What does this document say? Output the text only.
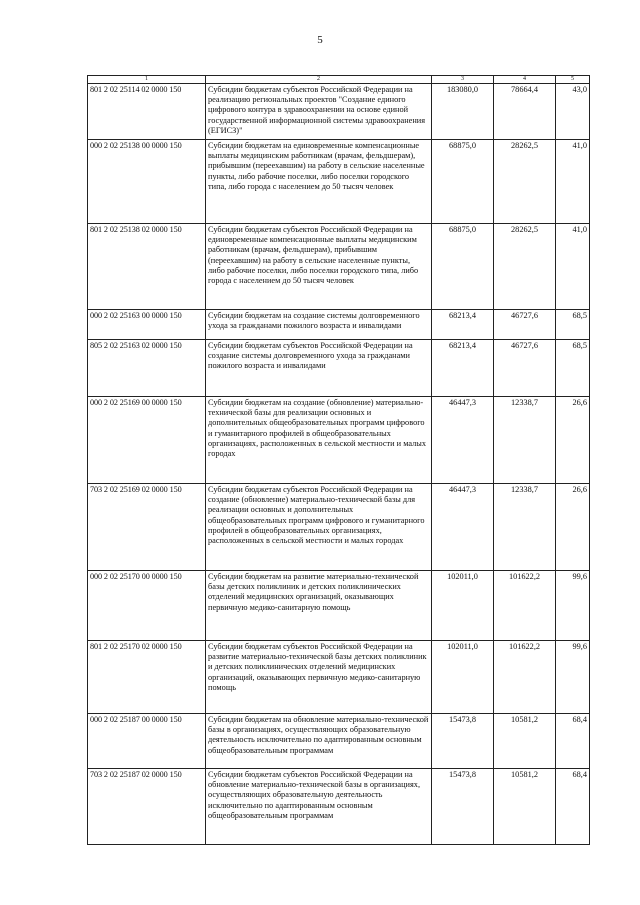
5
1	2	3	4	5
801 2 02 25114 02 0000 150	Субсидии бюджетам субъектов Российской Федерации на реализацию региональных проектов "Создание единого цифрового контура в здравоохранении на основе единой государственной информационной системы здравоохранения (ЕГИСЗ)"	183080,0	78664,4	43,0
000 2 02 25138 00 0000 150	Субсидии бюджетам на единовременные компенсационные выплаты медицинским работникам (врачам, фельдшерам), прибывшим (переехавшим) на работу в сельские населенные пункты, либо рабочие поселки, либо поселки городского типа, либо города с населением до 50 тысяч человек	68875,0	28262,5	41,0
801 2 02 25138 02 0000 150	Субсидии бюджетам субъектов Российской Федерации на единовременные компенсационные выплаты медицинским работникам (врачам, фельдшерам), прибывшим (переехавшим) на работу в сельские населенные пункты, либо рабочие поселки, либо поселки городского типа, либо города с населением до 50 тысяч человек	68875,0	28262,5	41,0
000 2 02 25163 00 0000 150	Субсидии бюджетам на создание системы долговременного ухода за гражданами пожилого возраста и инвалидами	68213,4	46727,6	68,5
805 2 02 25163 02 0000 150	Субсидии бюджетам субъектов Российской Федерации на создание системы долговременного ухода за гражданами пожилого возраста и инвалидами	68213,4	46727,6	68,5
000 2 02 25169 00 0000 150	Субсидии бюджетам на создание (обновление) материально-технической базы для реализации основных и дополнительных общеобразовательных программ цифрового и гуманитарного профилей в общеобразовательных организациях, расположенных в сельской местности и малых городах	46447,3	12338,7	26,6
703 2 02 25169 02 0000 150	Субсидии бюджетам субъектов Российской Федерации на создание (обновление) материально-технической базы для реализации основных и дополнительных общеобразовательных программ цифрового и гуманитарного профилей в общеобразовательных организациях, расположенных в сельской местности и малых городах	46447,3	12338,7	26,6
000 2 02 25170 00 0000 150	Субсидии бюджетам на развитие материально-технической базы детских поликлиник и детских поликлинических отделений медицинских организаций, оказывающих первичную медико-санитарную помощь	102011,0	101622,2	99,6
801 2 02 25170 02 0000 150	Субсидии бюджетам субъектов Российской Федерации на развитие материально-технической базы детских поликлиник и детских поликлинических отделений медицинских организаций, оказывающих первичную медико-санитарную помощь	102011,0	101622,2	99,6
000 2 02 25187 00 0000 150	Субсидии бюджетам на обновление материально-технической базы в организациях, осуществляющих образовательную деятельность исключительно по адаптированным основным общеобразовательным программам	15473,8	10581,2	68,4
703 2 02 25187 02 0000 150	Субсидии бюджетам субъектов Российской Федерации на обновление материально-технической базы в организациях, осуществляющих образовательную деятельность исключительно по адаптированным основным общеобразовательным программам	15473,8	10581,2	68,4
